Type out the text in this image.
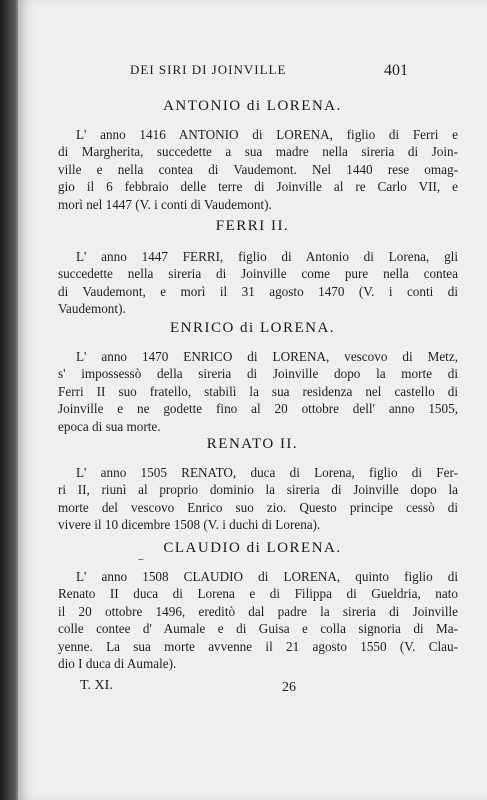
DEI SIRI DI JOINVILLE	401
ANTONIO di LORENA.
L' anno 1416 ANTONIO di LORENA, figlio di Ferri e
di Margherita, succedette a sua madre nella sireria di Join-
ville e nella contea di Vaudemont. Nel 1440 rese omag-
gio il 6 febbraio delle terre di Joinville al re Carlo VII, e
morì nel 1447 (V. i conti di Vaudemont).
FERRI II.
L' anno 1447 FERRI, figlio di Antonio di Lorena, gli
succedette nella sireria di Joinville come pure nella contea
di Vaudemont, e morì il 31 agosto 1470 (V. i conti di
Vaudemont).
ENRICO di LORENA.
L' anno 1470 ENRICO di LORENA, vescovo di Metz,
s' impossessò della sireria di Joinville dopo la morte di
Ferri II suo fratello, stabilì la sua residenza nel castello di
Joinville e ne godette fino al 20 ottobre dell' anno 1505,
epoca di sua morte.
RENATO II.
L' anno 1505 RENATO, duca di Lorena, figlio di Fer-
ri II, riunì al proprio dominio la sireria di Joinville dopo la
morte del vescovo Enrico suo zio. Questo principe cessò di
vivere il 10 dicembre 1508 (V. i duchi di Lorena).
–
CLAUDIO di LORENA.
L' anno 1508 CLAUDIO di LORENA, quinto figlio di
Renato II duca di Lorena e di Filippa di Gueldria, nato
il 20 ottobre 1496, ereditò dal padre la sireria di Joinville
colle contee d' Aumale e di Guisa e colla signoria di Ma-
yenne. La sua morte avvenne il 21 agosto 1550 (V. Clau-
dio I duca di Aumale).
T. XI.	26
